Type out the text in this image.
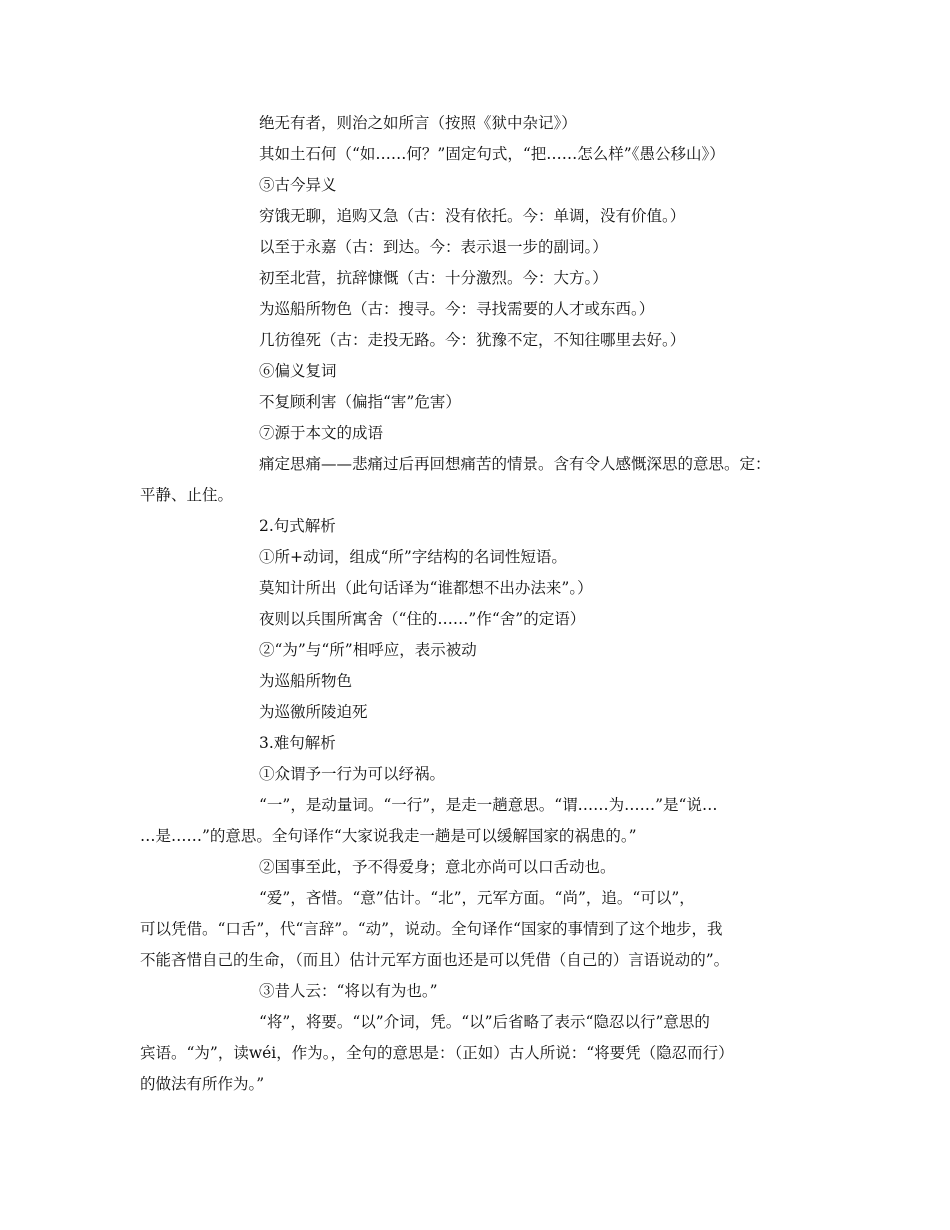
绝无有者，则治之如所言（按照《狱中杂记》）
其如土石何（“如……何？”固定句式，“把……怎么样”《愚公移山》）
⑤古今异义
穷饿无聊，追购又急（古：没有依托。今：单调，没有价值。）
以至于永嘉（古：到达。今：表示退一步的副词。）
初至北营，抗辞慷慨（古：十分激烈。今：大方。）
为巡船所物色（古：搜寻。今：寻找需要的人才或东西。）
几彷徨死（古：走投无路。今：犹豫不定，不知往哪里去好。）
⑥偏义复词
不复顾利害（偏指“害”危害）
⑦源于本文的成语
痛定思痛——悲痛过后再回想痛苦的情景。含有令人感慨深思的意思。定：
平静、止住。
2.句式解析
①所+动词，组成“所”字结构的名词性短语。
莫知计所出（此句话译为“谁都想不出办法来”。）
夜则以兵围所寓舍（“住的……”作“舍”的定语）
②“为”与“所”相呼应，表示被动
为巡船所物色
为巡徼所陵迫死
3.难句解析
①众谓予一行为可以纾祸。
“一”，是动量词。“一行”，是走一趟意思。“谓……为……”是“说…
…是……”的意思。全句译作“大家说我走一趟是可以缓解国家的祸患的。”
②国事至此，予不得爱身；意北亦尚可以口舌动也。
“爱”，吝惜。“意”估计。“北”，元军方面。“尚”，追。“可以”，
可以凭借。“口舌”，代“言辞”。“动”，说动。全句译作“国家的事情到了这个地步，我
不能吝惜自己的生命，（而且）估计元军方面也还是可以凭借（自己的）言语说动的”。
③昔人云：“将以有为也。”
“将”，将要。“以”介词，凭。“以”后省略了表示“隐忍以行”意思的
宾语。“为”，读wéi，作为。，全句的意思是：（正如）古人所说：“将要凭（隐忍而行）
的做法有所作为。”
